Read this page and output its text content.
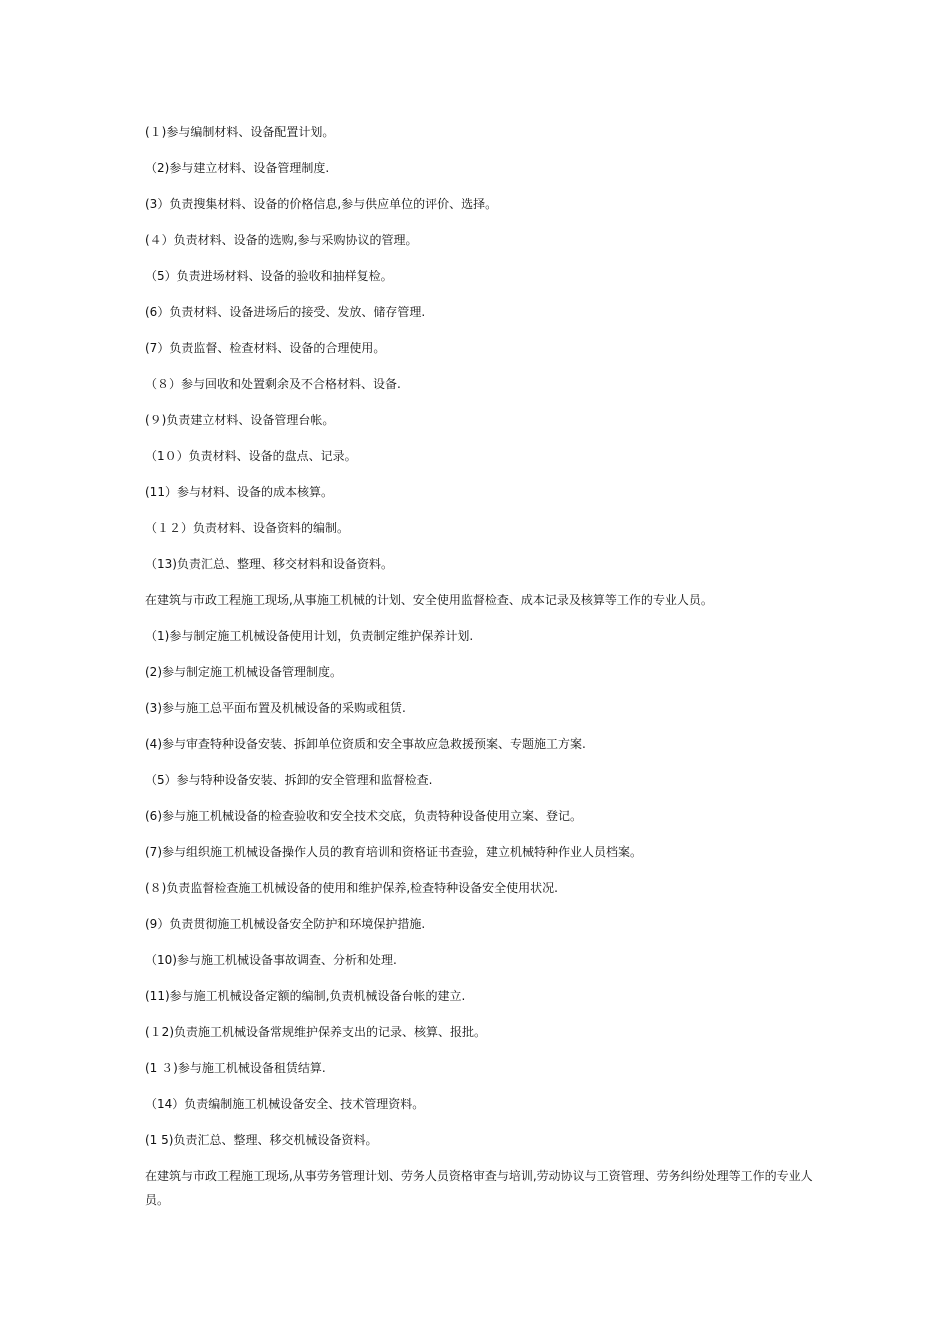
(１)参与编制材料、设备配置计划。
（2)参与建立材料、设备管理制度.
(3）负责搜集材料、设备的价格信息,参与供应单位的评价、选择。
(４）负责材料、设备的选购,参与采购协议的管理。
（5）负责进场材料、设备的验收和抽样复检。
(6）负责材料、设备进场后的接受、发放、储存管理.
(7）负责监督、检查材料、设备的合理使用。
（８）参与回收和处置剩余及不合格材料、设备.
(９)负责建立材料、设备管理台帐。
（1０）负责材料、设备的盘点、记录。
(11）参与材料、设备的成本核算。
（１２）负责材料、设备资料的编制。
（13)负责汇总、整理、移交材料和设备资料。
在建筑与市政工程施工现场,从事施工机械的计划、安全使用监督检查、成本记录及核算等工作的专业人员。
（1)参与制定施工机械设备使用计划，负责制定维护保养计划.
(2)参与制定施工机械设备管理制度。
(3)参与施工总平面布置及机械设备的采购或租赁.
(4)参与审查特种设备安装、拆卸单位资质和安全事故应急救援预案、专题施工方案.
（5）参与特种设备安装、拆卸的安全管理和监督检查.
(6)参与施工机械设备的检查验收和安全技术交底，负责特种设备使用立案、登记。
(7)参与组织施工机械设备操作人员的教育培训和资格证书查验，建立机械特种作业人员档案。
(８)负责监督检查施工机械设备的使用和维护保养,检查特种设备安全使用状况.
(9）负责贯彻施工机械设备安全防护和环境保护措施.
（10)参与施工机械设备事故调查、分析和处理.
(11)参与施工机械设备定额的编制,负责机械设备台帐的建立.
(１2)负责施工机械设备常规维护保养支出的记录、核算、报批。
(1 ３)参与施工机械设备租赁结算.
（14）负责编制施工机械设备安全、技术管理资料。
(1 5)负责汇总、整理、移交机械设备资料。
在建筑与市政工程施工现场,从事劳务管理计划、劳务人员资格审查与培训,劳动协议与工资管理、劳务纠纷处理等工作的专业人员。
